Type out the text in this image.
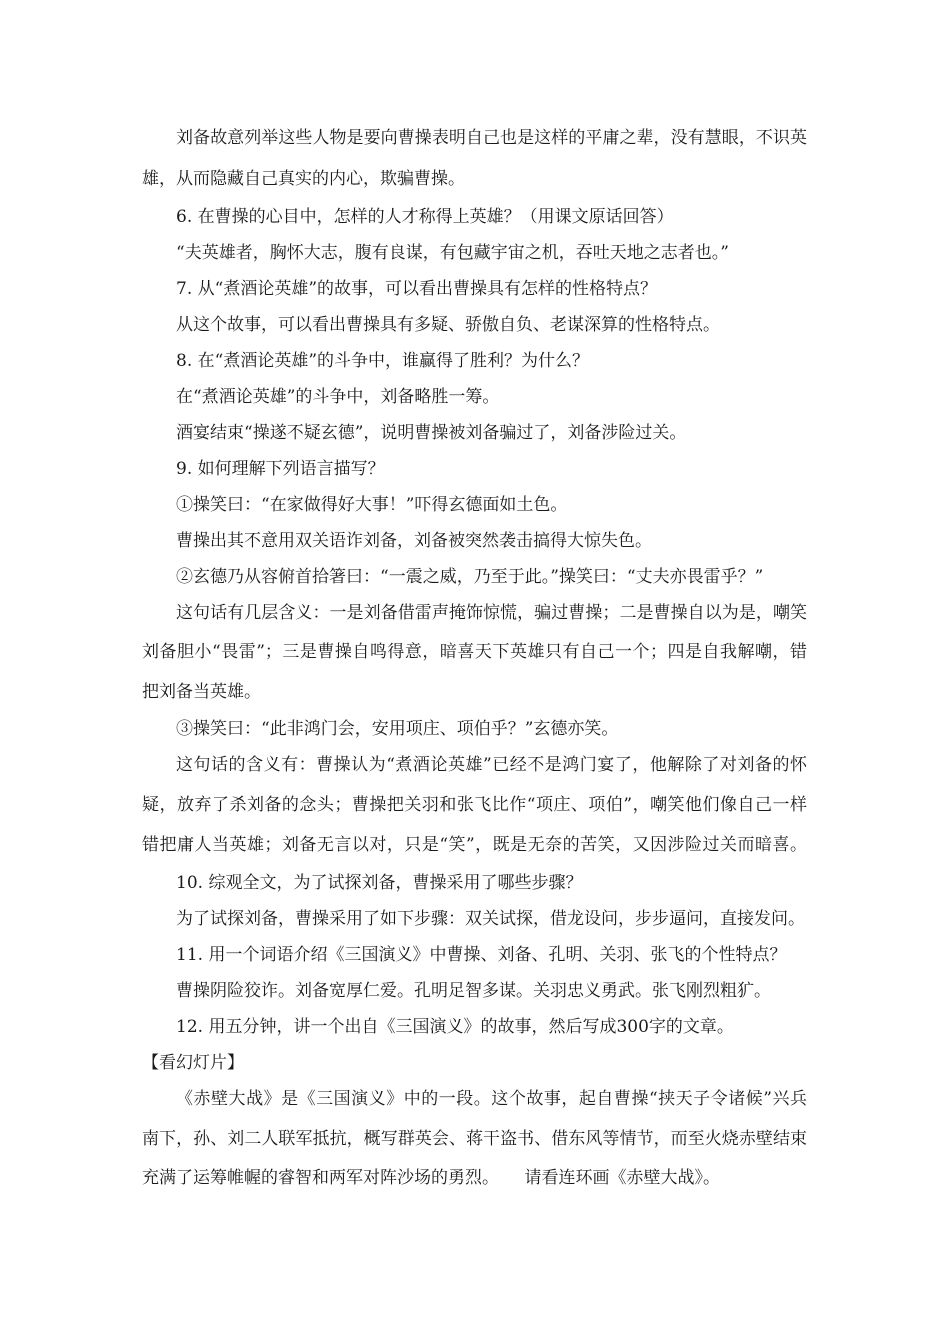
刘备故意列举这些人物是要向曹操表明自己也是这样的平庸之辈，没有慧眼，不识英
雄，从而隐藏自己真实的内心，欺骗曹操。
6. 在曹操的心目中，怎样的人才称得上英雄？（用课文原话回答）
“夫英雄者，胸怀大志，腹有良谋，有包藏宇宙之机，吞吐天地之志者也。”
7. 从“煮酒论英雄”的故事，可以看出曹操具有怎样的性格特点？
从这个故事，可以看出曹操具有多疑、骄傲自负、老谋深算的性格特点。
8. 在“煮酒论英雄”的斗争中，谁赢得了胜利？为什么？
在“煮酒论英雄”的斗争中，刘备略胜一筹。
酒宴结束“操遂不疑玄德”，说明曹操被刘备骗过了，刘备涉险过关。
9. 如何理解下列语言描写？
①操笑曰：“在家做得好大事！”吓得玄德面如土色。
曹操出其不意用双关语诈刘备，刘备被突然袭击搞得大惊失色。
②玄德乃从容俯首拾箸曰：“一震之威，乃至于此。”操笑曰：“丈夫亦畏雷乎？”
这句话有几层含义：一是刘备借雷声掩饰惊慌，骗过曹操；二是曹操自以为是，嘲笑
刘备胆小“畏雷”；三是曹操自鸣得意，暗喜天下英雄只有自己一个；四是自我解嘲，错
把刘备当英雄。
③操笑曰：“此非鸿门会，安用项庄、项伯乎？”玄德亦笑。
这句话的含义有：曹操认为“煮酒论英雄”已经不是鸿门宴了，他解除了对刘备的怀
疑，放弃了杀刘备的念头；曹操把关羽和张飞比作“项庄、项伯”，嘲笑他们像自己一样
错把庸人当英雄；刘备无言以对，只是“笑”，既是无奈的苦笑，又因涉险过关而暗喜。
10. 综观全文，为了试探刘备，曹操采用了哪些步骤？
为了试探刘备，曹操采用了如下步骤：双关试探，借龙设问，步步逼问，直接发问。
11. 用一个词语介绍《三国演义》中曹操、刘备、孔明、关羽、张飞的个性特点？
曹操阴险狡诈。刘备宽厚仁爱。孔明足智多谋。关羽忠义勇武。张飞刚烈粗犷。
12. 用五分钟，讲一个出自《三国演义》的故事，然后写成300字的文章。
【看幻灯片】
《赤壁大战》是《三国演义》中的一段。这个故事，起自曹操“挟天子令诸候”兴兵
南下，孙、刘二人联军抵抗，概写群英会、蒋干盗书、借东风等情节，而至火烧赤壁结束
充满了运筹帷幄的睿智和两军对阵沙场的勇烈。　　请看连环画《赤壁大战》。
